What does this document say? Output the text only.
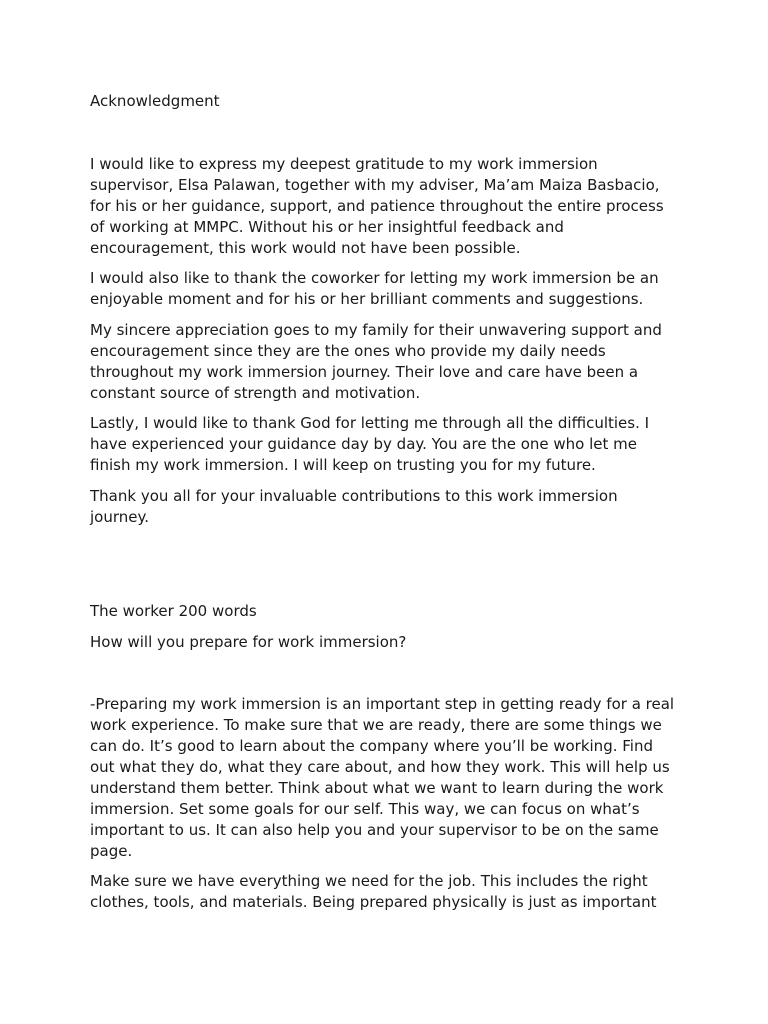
Acknowledgment

I would like to express my deepest gratitude to my work immersion
supervisor, Elsa Palawan, together with my adviser, Ma’am Maiza Basbacio,
for his or her guidance, support, and patience throughout the entire process
of working at MMPC. Without his or her insightful feedback and
encouragement, this work would not have been possible.

I would also like to thank the coworker for letting my work immersion be an
enjoyable moment and for his or her brilliant comments and suggestions.

My sincere appreciation goes to my family for their unwavering support and
encouragement since they are the ones who provide my daily needs
throughout my work immersion journey. Their love and care have been a
constant source of strength and motivation.

Lastly, I would like to thank God for letting me through all the difficulties. I
have experienced your guidance day by day. You are the one who let me
finish my work immersion. I will keep on trusting you for my future.

Thank you all for your invaluable contributions to this work immersion
journey.

The worker 200 words

How will you prepare for work immersion?

-Preparing my work immersion is an important step in getting ready for a real
work experience. To make sure that we are ready, there are some things we
can do. It’s good to learn about the company where you’ll be working. Find
out what they do, what they care about, and how they work. This will help us
understand them better. Think about what we want to learn during the work
immersion. Set some goals for our self. This way, we can focus on what’s
important to us. It can also help you and your supervisor to be on the same
page.

Make sure we have everything we need for the job. This includes the right
clothes, tools, and materials. Being prepared physically is just as important
